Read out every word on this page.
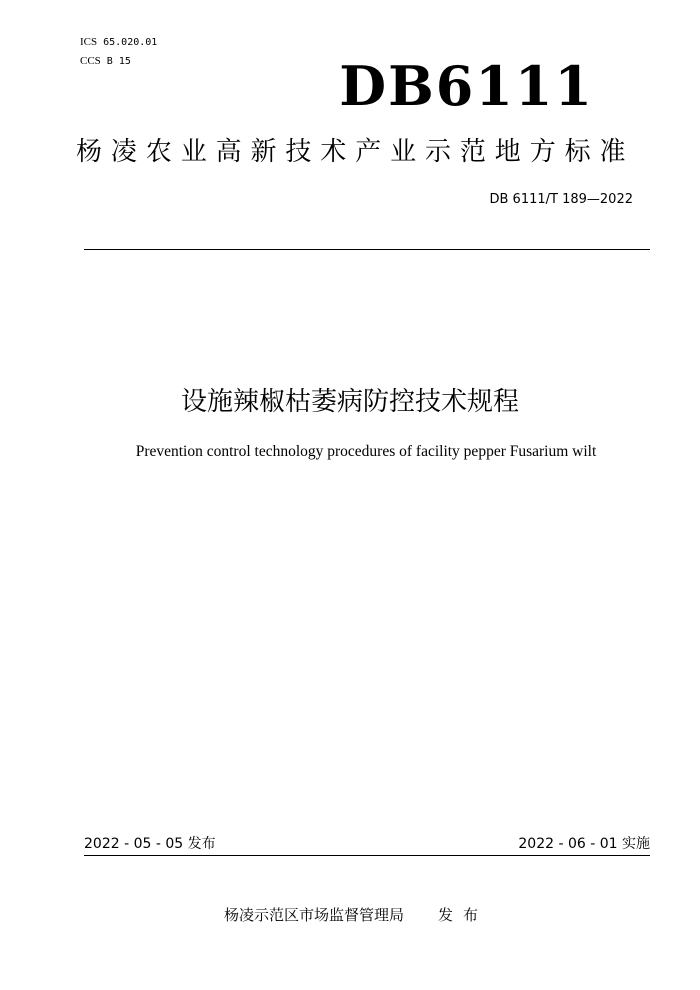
ICS 65.020.01
CCS B 15	DB6111
杨凌农业高新技术产业示范地方标准
DB 6111/T 189—2022
设施辣椒枯萎病防控技术规程
Prevention control technology procedures of facility pepper Fusarium wilt
2022 - 05 - 05 发布	2022 - 06 - 01 实施
杨凌示范区市场监督管理局 发布
